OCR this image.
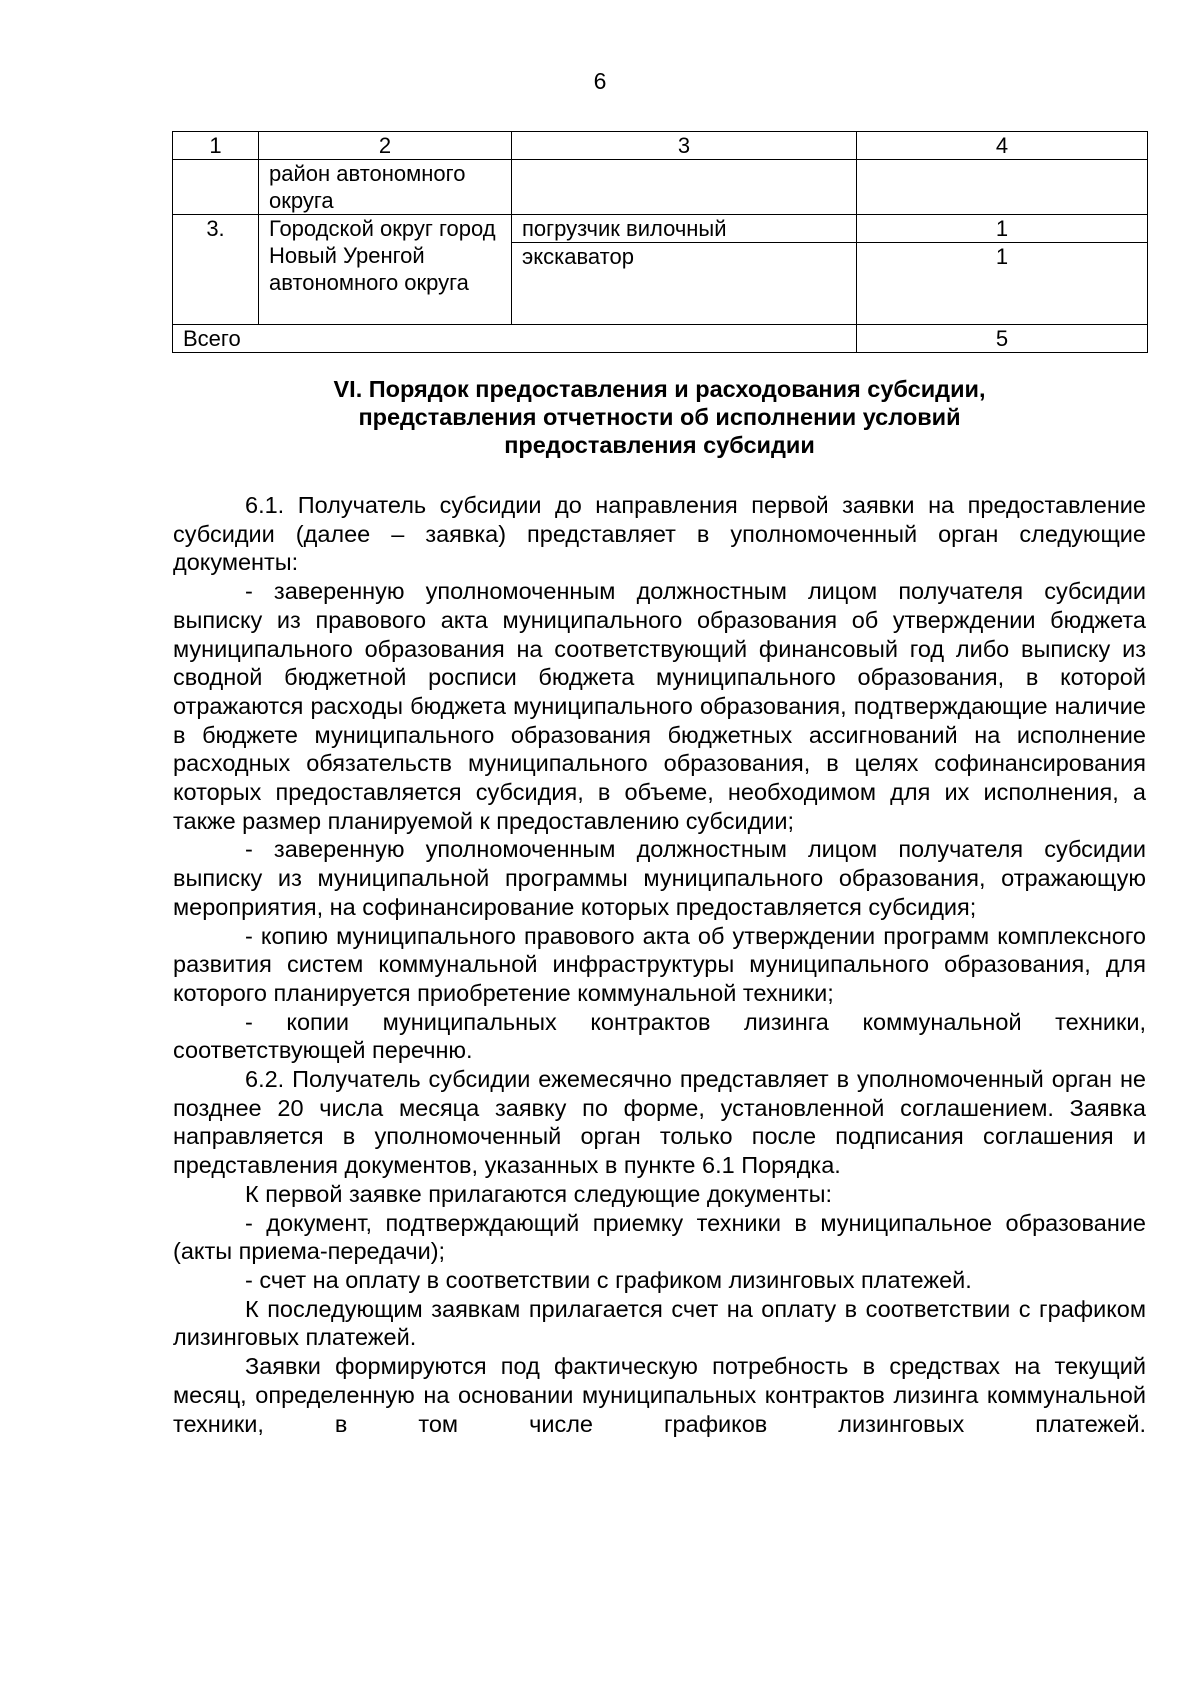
6
1	2	3	4
	район автономного округа		
3.	Городской округ город Новый Уренгой автономного округа	погрузчик вилочный	1
		экскаватор	1
Всего			5
VI. Порядок предоставления и расходования субсидии,
представления отчетности об исполнении условий
предоставления субсидии

6.1. Получатель субсидии до направления первой заявки на предоставление субсидии (далее – заявка) представляет в уполномоченный орган следующие документы:

- заверенную уполномоченным должностным лицом получателя субсидии выписку из правового акта муниципального образования об утверждении бюджета муниципального образования на соответствующий финансовый год либо выписку из сводной бюджетной росписи бюджета муниципального образования, в которой отражаются расходы бюджета муниципального образования, подтверждающие наличие в бюджете муниципального образования бюджетных ассигнований на исполнение расходных обязательств муниципального образования, в целях софинансирования которых предоставляется субсидия, в объеме, необходимом для их исполнения, а также размер планируемой к предоставлению субсидии;

- заверенную уполномоченным должностным лицом получателя субсидии выписку из муниципальной программы муниципального образования, отражающую мероприятия, на софинансирование которых предоставляется субсидия;

- копию муниципального правового акта об утверждении программ комплексного развития систем коммунальной инфраструктуры муниципального образования, для которого планируется приобретение коммунальной техники;

- копии муниципальных контрактов лизинга коммунальной техники, соответствующей перечню.

6.2. Получатель субсидии ежемесячно представляет в уполномоченный орган не позднее 20 числа месяца заявку по форме, установленной соглашением. Заявка направляется в уполномоченный орган только после подписания соглашения и представления документов, указанных в пункте 6.1 Порядка.

К первой заявке прилагаются следующие документы:

- документ, подтверждающий приемку техники в муниципальное образование (акты приема-передачи);

- счет на оплату в соответствии с графиком лизинговых платежей.

К последующим заявкам прилагается счет на оплату в соответствии с графиком лизинговых платежей.

Заявки формируются под фактическую потребность в средствах на текущий месяц, определенную на основании муниципальных контрактов лизинга коммунальной техники, в том числе графиков лизинговых платежей.
